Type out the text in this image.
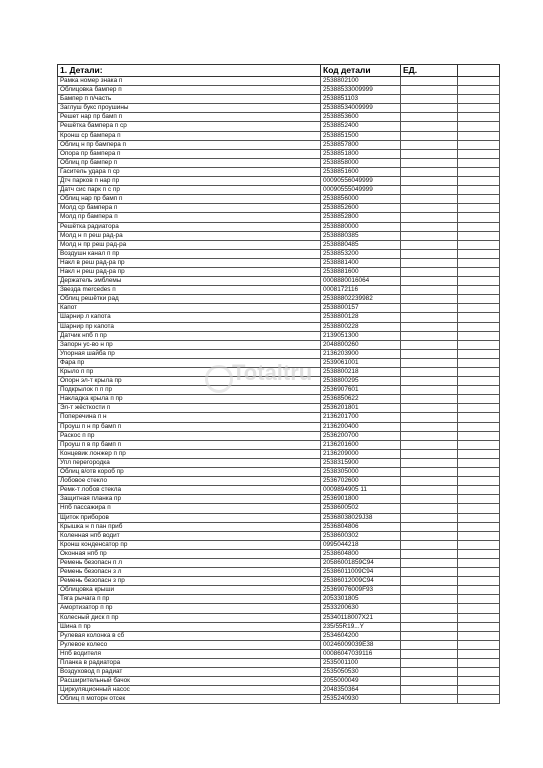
1. Детали:	Код детали	ЕД.	
Рамка номер знака п	2538802100		
Облицовка бампер п	25388533009999		
Бампер п п/часть	2538851103		
Заглуш букс проушины	25388534009999		
Решет нар пр бамп п	2538853600		
Решётка бампера п ср	2538852400		
Кронш ср бампера п	2538851500		
Облиц н пр бампера п	2538857800		
Опора пр бампера п	2538851800		
Облиц пр бампер п	2538858000		
Гаситель удара п ср	2538851600		
Дтч парков п нар пр	00090556049999		
Датч сис парк п с пр	00090555049999		
Облиц нар пр бамп п	2538856000		
Молд ср бампера п	2538852600		
Молд пр бампера п	2538852800		
Решётка радиатора	2538880000		
Молд н п реш рад-ра	2538880385		
Молд н пр реш рад-ра	2538880485		
Воздушн канал п пр	2538853200		
Накл в реш рад-ра пр	2538881400		
Накл н реш рад-ра пр	2538881600		
Держатель эмблемы	0008880016064		
Звезда mercedes п	0008172116		
Облиц решётки рад	25388802239982		
Капот	2538800157		
Шарнир л капота	2538800128		
Шарнир пр капота	2538800228		
Датчик нпб п пр	2139051300		
Запорн ус-во н пр	2048800260		
Упорная шайба пр	2136203900		
Фара пр	2539061001		
Крыло п пр	2538800218		
Опорн эл-т крыла пр	2538800295		
Подкрылок п п пр	2536907601		
Накладка крыла п пр	2536850622		
Эл-т жёсткости п	2536201801		
Поперечина п н	2136201700		
Проуш п н пр бамп п	2136200400		
Раскос п пр	2536200700		
Проуш п в пр бамп п	2136201600		
Концевик лонжер п пр	2136209000		
Упл перегородка	2538315900		
Облиц в/отв короб пр	2538305000		
Лобовое стекло	2536702600		
Ремк-т лобов стекла	0009894905 11		
Защитная планка пр	2536901800		
Нпб пассажира п	2538600502		
Щиток приборов	25368038029J38		
Крышка н п пан приб	2536804806		
Коленная нпб водит	2538600302		
Кронш конденсатор пр	0995044218		
Оконная нпб пр	2538604800		
Ремень безопасн п л	20586001859C94		
Ремень безопасн з л	25386011009C94		
Ремень безопасн з пр	25386012009C94		
Облицовка крыши	25369076009F93		
Тяга рычага п пр	2053301805		
Амортизатор п пр	2533200630		
Колесный диск п пр	25340118007X21		
Шина п пр	235/55R19...Y		
Рулевая колонка в сб	2534604200		
Рулевое колесо	00246009039E38		
Нпб водителя	00086047039116		
Планка в радиатора	2535001100		
Воздуховод п радиат	2535050530		
Расширительный бачок	2055000049		
Циркуляционный насос	2048350364		
Облиц п моторн отсек	2535240930		
Totaltru
